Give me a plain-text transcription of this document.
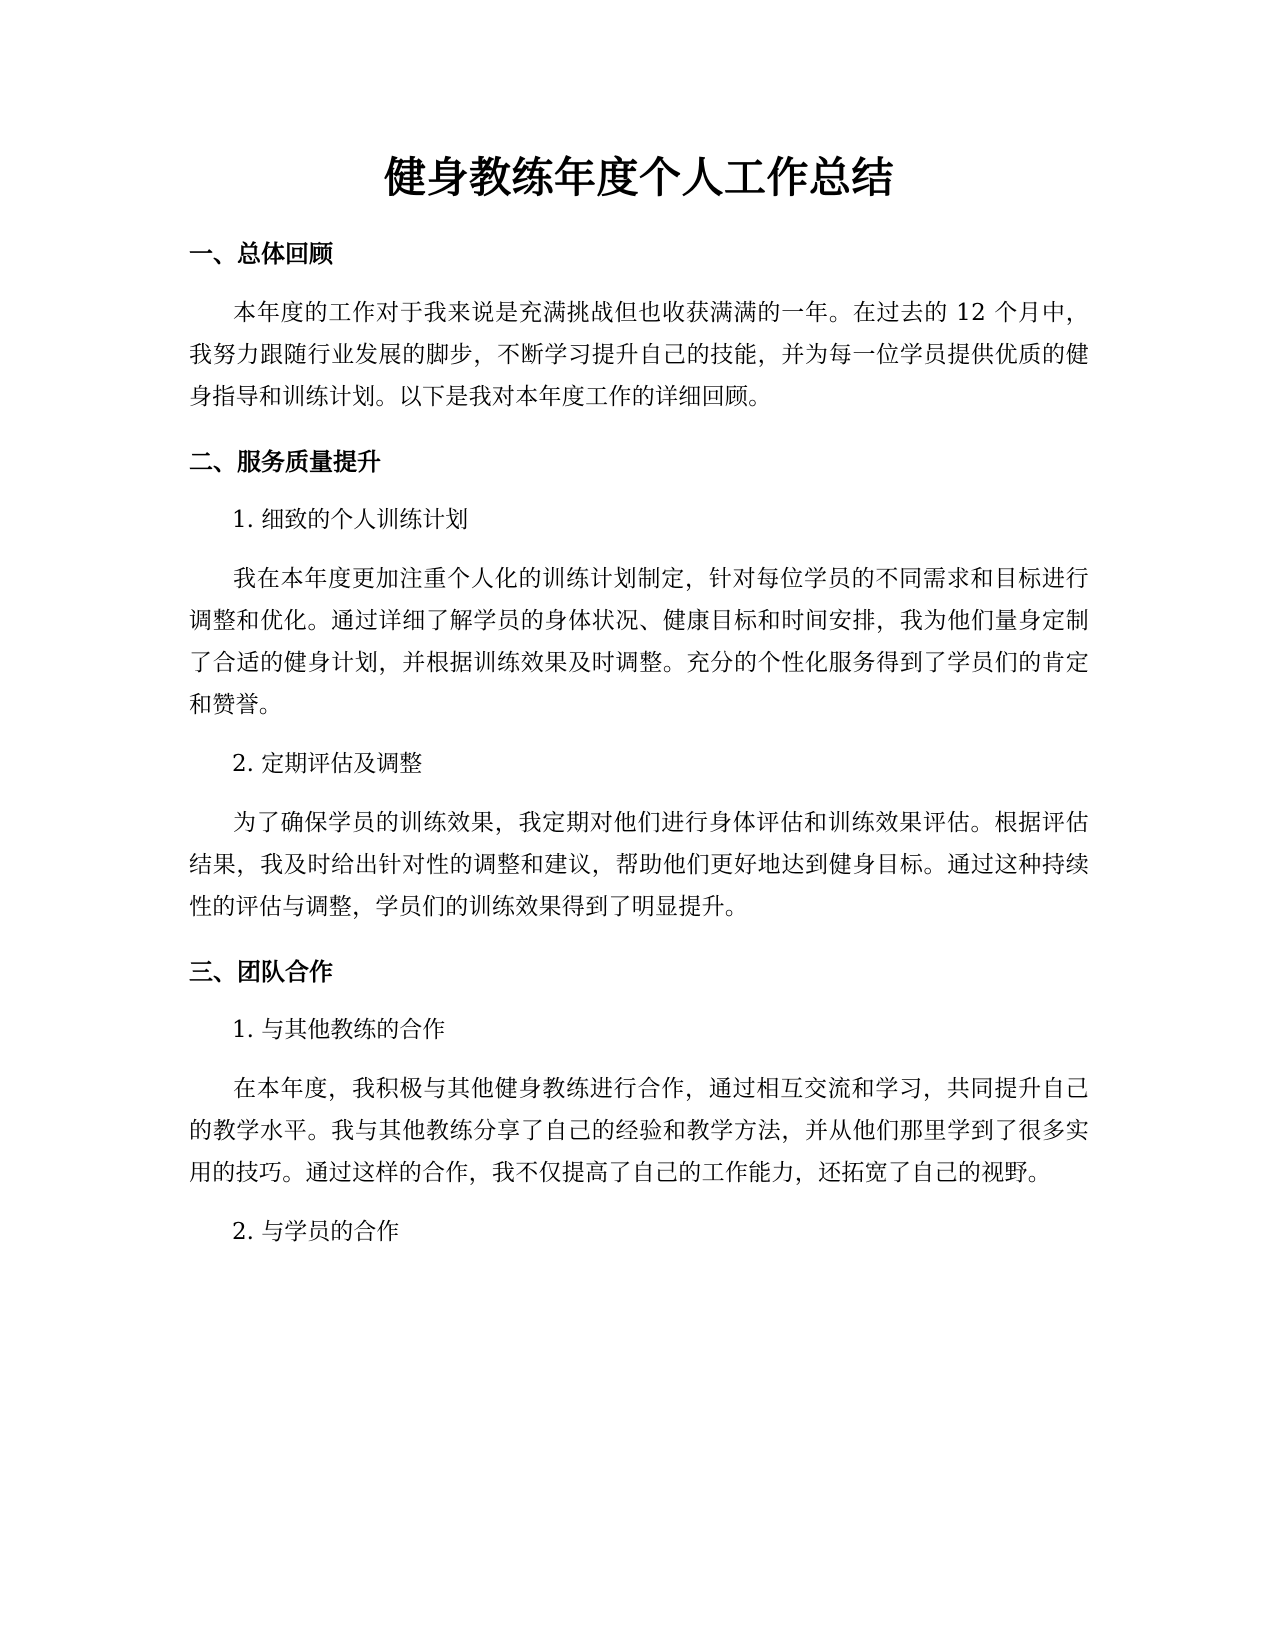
健身教练年度个人工作总结
一、总体回顾

本年度的工作对于我来说是充满挑战但也收获满满的一年。在过去的 12 个月中，我努力跟随行业发展的脚步，不断学习提升自己的技能，并为每一位学员提供优质的健身指导和训练计划。以下是我对本年度工作的详细回顾。

二、服务质量提升

1. 细致的个人训练计划

我在本年度更加注重个人化的训练计划制定，针对每位学员的不同需求和目标进行调整和优化。通过详细了解学员的身体状况、健康目标和时间安排，我为他们量身定制了合适的健身计划，并根据训练效果及时调整。充分的个性化服务得到了学员们的肯定和赞誉。

2. 定期评估及调整

为了确保学员的训练效果，我定期对他们进行身体评估和训练效果评估。根据评估结果，我及时给出针对性的调整和建议，帮助他们更好地达到健身目标。通过这种持续性的评估与调整，学员们的训练效果得到了明显提升。

三、团队合作

1. 与其他教练的合作

在本年度，我积极与其他健身教练进行合作，通过相互交流和学习，共同提升自己的教学水平。我与其他教练分享了自己的经验和教学方法，并从他们那里学到了很多实用的技巧。通过这样的合作，我不仅提高了自己的工作能力，还拓宽了自己的视野。

2. 与学员的合作
